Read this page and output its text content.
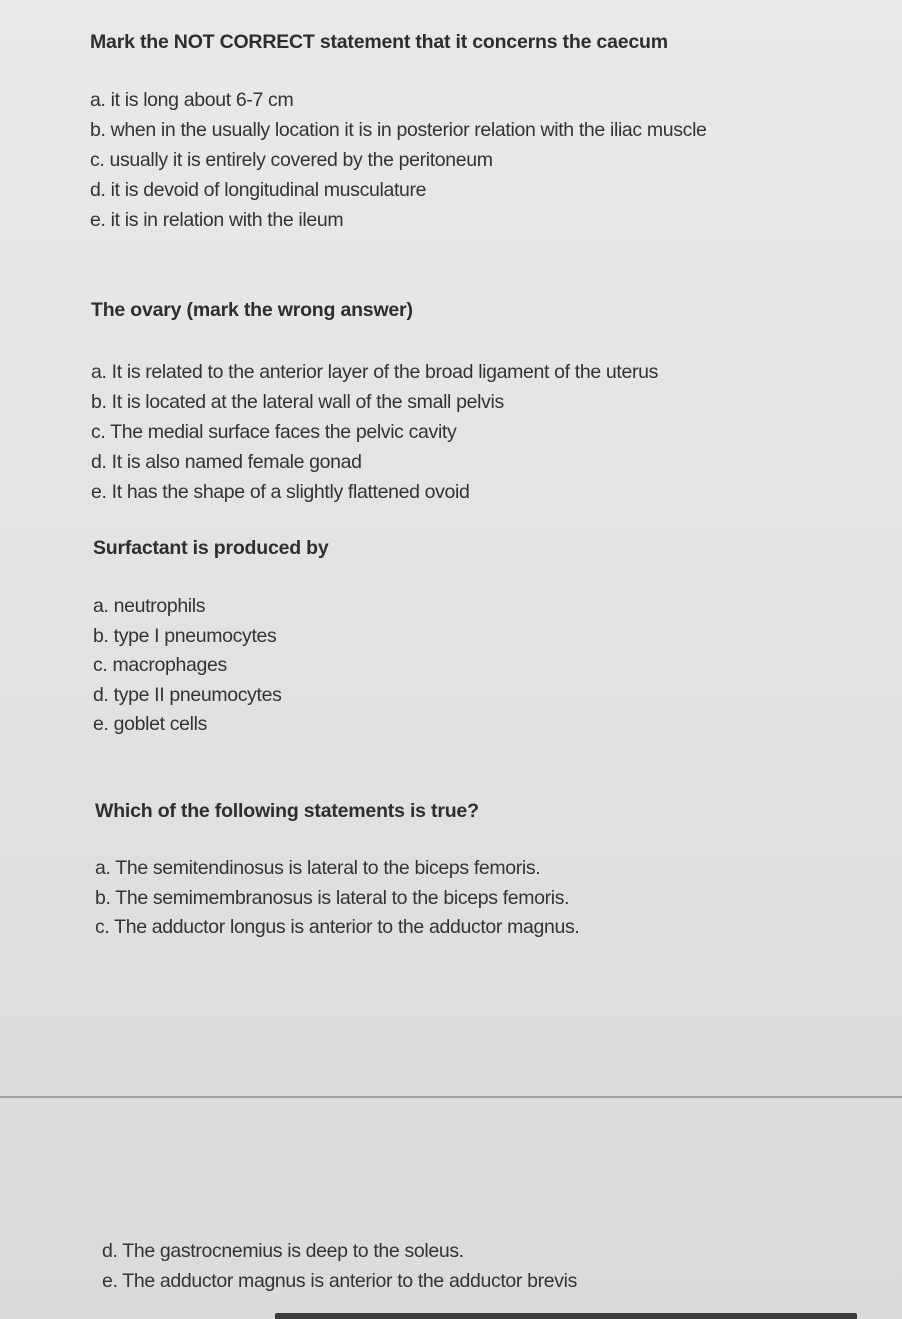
Mark the NOT CORRECT statement that it concerns the caecum

a. it is long about 6-7 cm
b. when in the usually location it is in posterior relation with the iliac muscle
c. usually it is entirely covered by the peritoneum
d. it is devoid of longitudinal musculature
e. it is in relation with the ileum

The ovary (mark the wrong answer)

a. It is related to the anterior layer of the broad ligament of the uterus
b. It is located at the lateral wall of the small pelvis
c. The medial surface faces the pelvic cavity
d. It is also named female gonad
e. It has the shape of a slightly flattened ovoid

Surfactant is produced by

a. neutrophils
b. type I pneumocytes
c. macrophages
d. type II pneumocytes
e. goblet cells

Which of the following statements is true?

a. The semitendinosus is lateral to the biceps femoris.
b. The semimembranosus is lateral to the biceps femoris.
c. The adductor longus is anterior to the adductor magnus.
d. The gastrocnemius is deep to the soleus.
e. The adductor magnus is anterior to the adductor brevis
